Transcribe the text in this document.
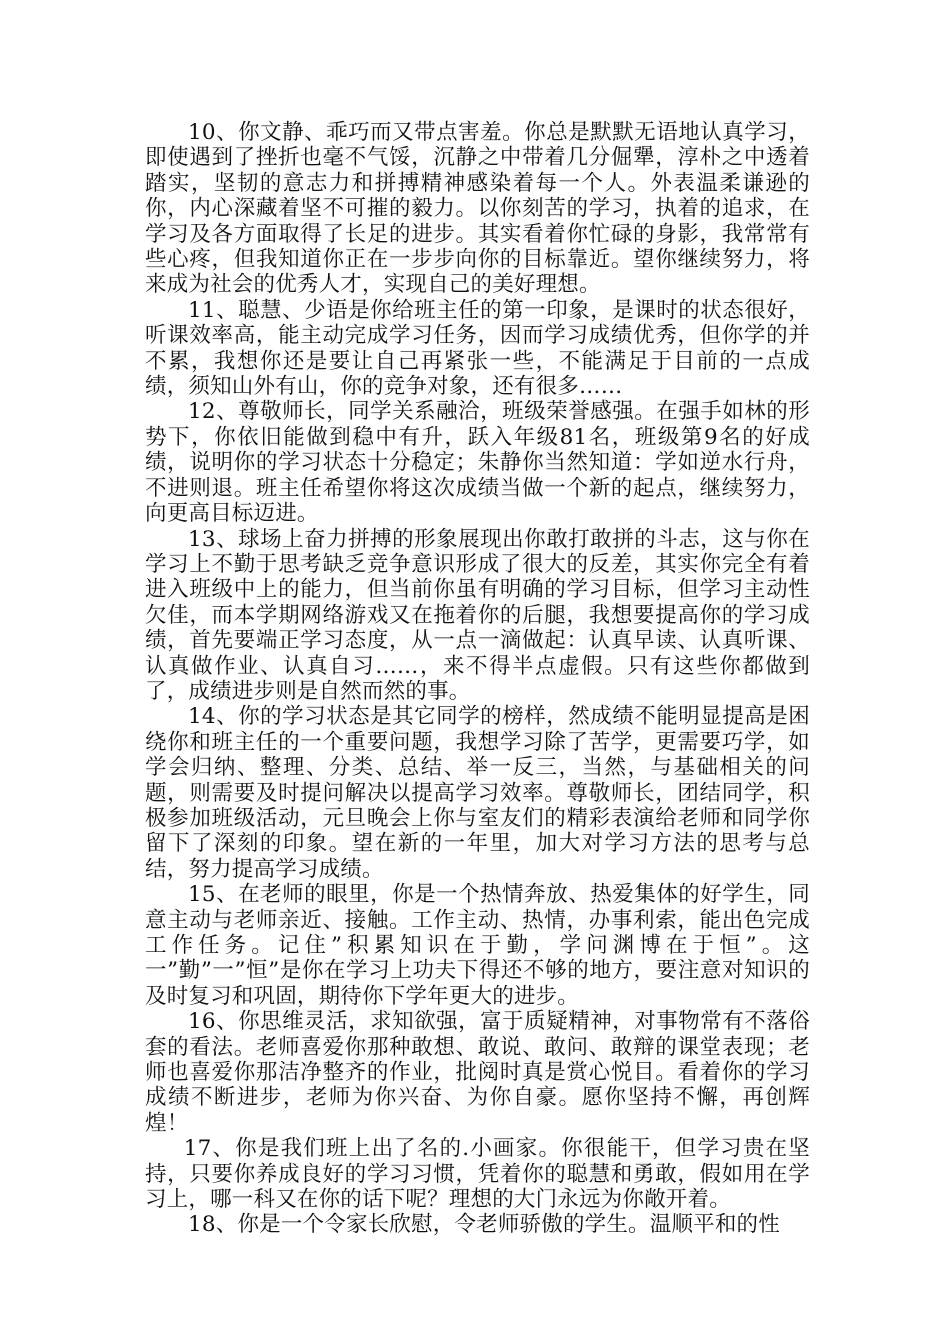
10、你文静、乖巧而又带点害羞。你总是默默无语地认真学习，即使遇到了挫折也毫不气馁，沉静之中带着几分倔犟，淳朴之中透着踏实，坚韧的意志力和拼搏精神感染着每一个人。外表温柔谦逊的你，内心深藏着坚不可摧的毅力。以你刻苦的学习，执着的追求，在学习及各方面取得了长足的进步。其实看着你忙碌的身影，我常常有些心疼，但我知道你正在一步步向你的目标靠近。望你继续努力，将来成为社会的优秀人才，实现自己的美好理想。

11、聪慧、少语是你给班主任的第一印象，是课时的状态很好，听课效率高，能主动完成学习任务，因而学习成绩优秀，但你学的并不累，我想你还是要让自己再紧张一些，不能满足于目前的一点成绩，须知山外有山，你的竞争对象，还有很多……

12、尊敬师长，同学关系融洽，班级荣誉感强。在强手如林的形势下，你依旧能做到稳中有升，跃入年级81名，班级第9名的好成绩，说明你的学习状态十分稳定；朱静你当然知道：学如逆水行舟，不进则退。班主任希望你将这次成绩当做一个新的起点，继续努力，向更高目标迈进。

13、球场上奋力拼搏的形象展现出你敢打敢拼的斗志，这与你在学习上不勤于思考缺乏竞争意识形成了很大的反差，其实你完全有着进入班级中上的能力，但当前你虽有明确的学习目标，但学习主动性欠佳，而本学期网络游戏又在拖着你的后腿，我想要提高你的学习成绩，首先要端正学习态度，从一点一滴做起：认真早读、认真听课、认真做作业、认真自习……，来不得半点虚假。只有这些你都做到了，成绩进步则是自然而然的事。

14、你的学习状态是其它同学的榜样，然成绩不能明显提高是困绕你和班主任的一个重要问题，我想学习除了苦学，更需要巧学，如学会归纳、整理、分类、总结、举一反三，当然，与基础相关的问题，则需要及时提问解决以提高学习效率。尊敬师长，团结同学，积极参加班级活动，元旦晚会上你与室友们的精彩表演给老师和同学你留下了深刻的印象。望在新的一年里，加大对学习方法的思考与总结，努力提高学习成绩。

15、在老师的眼里，你是一个热情奔放、热爱集体的好学生，同意主动与老师亲近、接触。工作主动、热情，办事利索，能出色完成工作任务。记住”积累知识在于勤，学问渊博在于恒”。这一”勤”一”恒”是你在学习上功夫下得还不够的地方，要注意对知识的及时复习和巩固，期待你下学年更大的进步。

16、你思维灵活，求知欲强，富于质疑精神，对事物常有不落俗套的看法。老师喜爱你那种敢想、敢说、敢问、敢辩的课堂表现；老师也喜爱你那洁净整齐的作业，批阅时真是赏心悦目。看着你的学习成绩不断进步，老师为你兴奋、为你自豪。愿你坚持不懈，再创辉煌！

17、你是我们班上出了名的.小画家。你很能干，但学习贵在坚持，只要你养成良好的学习习惯，凭着你的聪慧和勇敢，假如用在学习上，哪一科又在你的话下呢？理想的大门永远为你敞开着。

18、你是一个令家长欣慰，令老师骄傲的学生。温顺平和的性
